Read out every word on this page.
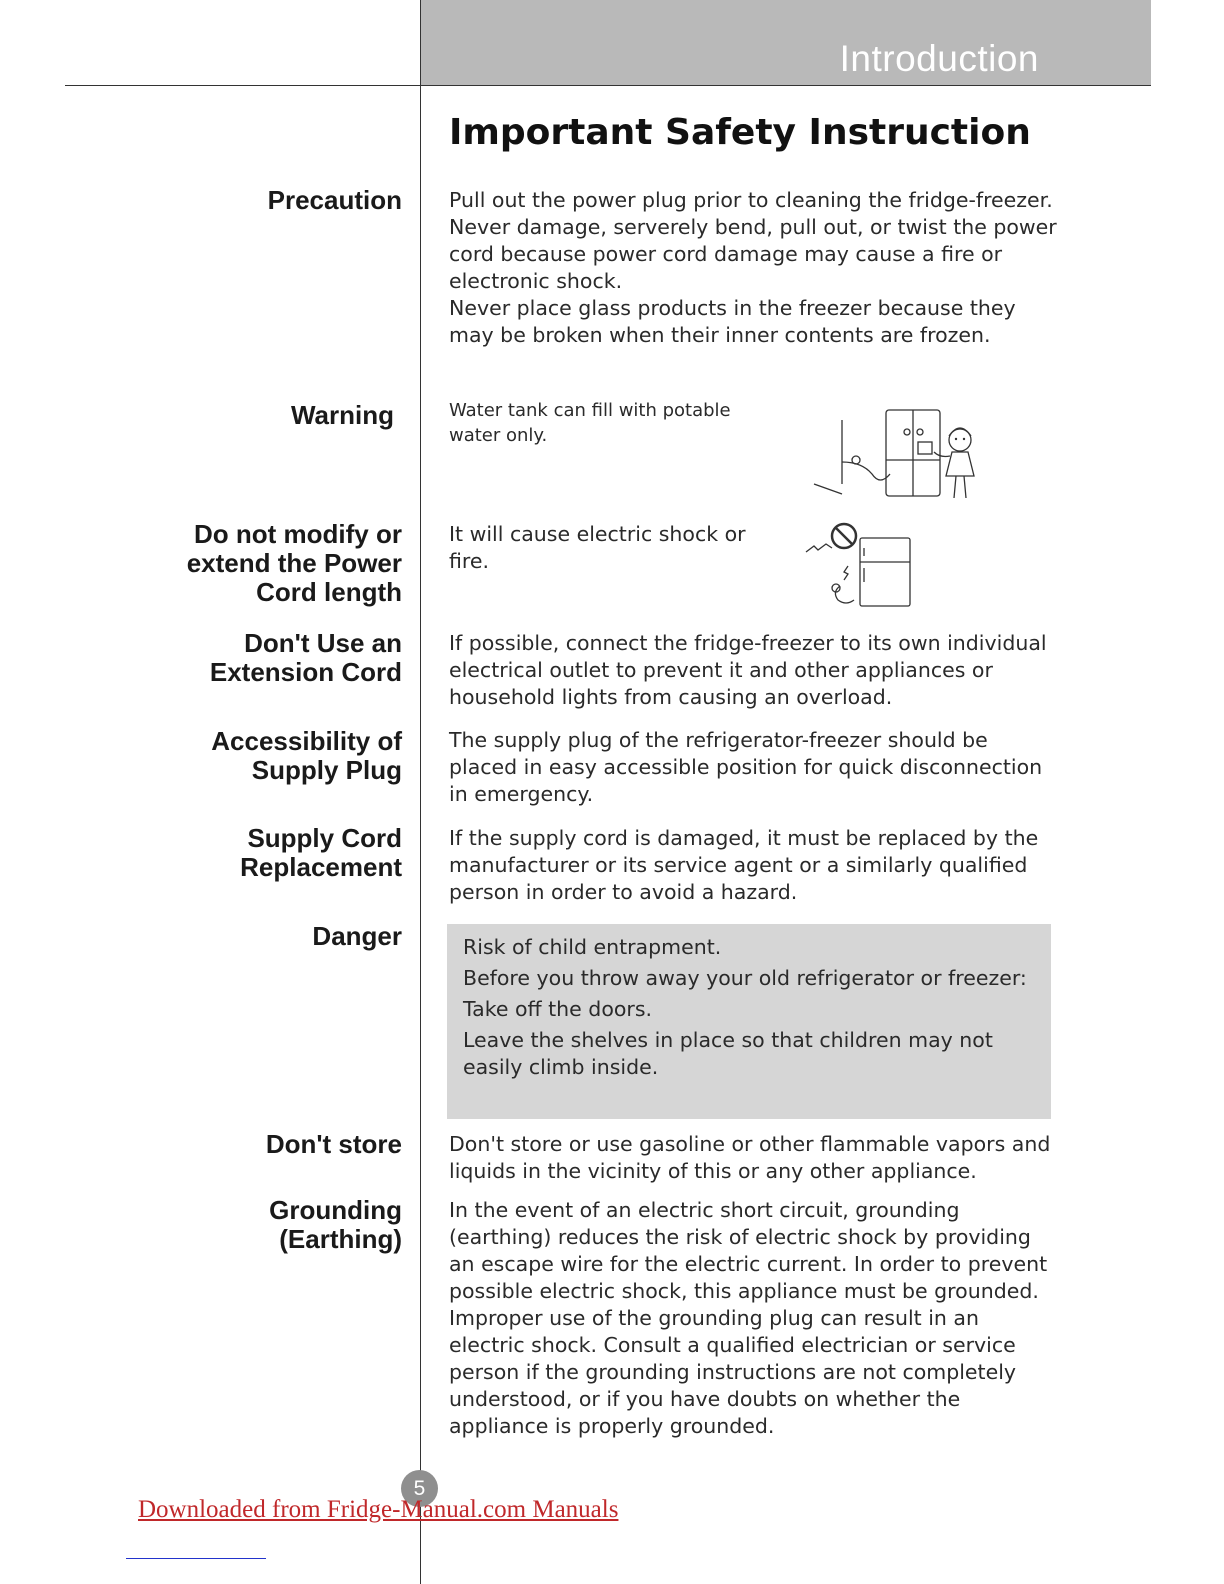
Introduction
Important Safety Instruction
Precaution Pull out the power plug prior to cleaning the fridge-freezer.

Never damage, serverely bend, pull out, or twist the power cord because power cord damage may cause a fire or electronic shock.

Never place glass products in the freezer because they may be broken when their inner contents are frozen.

Warning	Water tank can fill with potable water only.
Do not modify or
extend the Power
Cord length
It will cause electric shock or fire.
Don't Use an
Extension Cord
If possible, connect the fridge-freezer to its own individual electrical outlet to prevent it and other appliances or household lights from causing an overload.
Accessibility of
Supply Plug
The supply plug of the refrigerator-freezer should be placed in easy accessible position for quick disconnection in emergency.
Supply Cord
Replacement
If the supply cord is damaged, it must be replaced by the manufacturer or its service agent or a similarly qualified person in order to avoid a hazard.
Danger	Risk of child entrapment.

Before you throw away your old refrigerator or freezer:

Take off the doors.

Leave the shelves in place so that children may not easily climb inside.

Don't store Don't store or use gasoline or other flammable vapors and liquids in the vicinity of this or any other appliance.
Grounding
(Earthing)
In the event of an electric short circuit, grounding (earthing) reduces the risk of electric shock by providing an escape wire for the electric current. In order to prevent possible electric shock, this appliance must be grounded. Improper use of the grounding plug can result in an electric shock. Consult a qualified electrician or service person if the grounding instructions are not completely understood, or if you have doubts on whether the appliance is properly grounded.
5
Downloaded from Fridge-Manual.com Manuals
